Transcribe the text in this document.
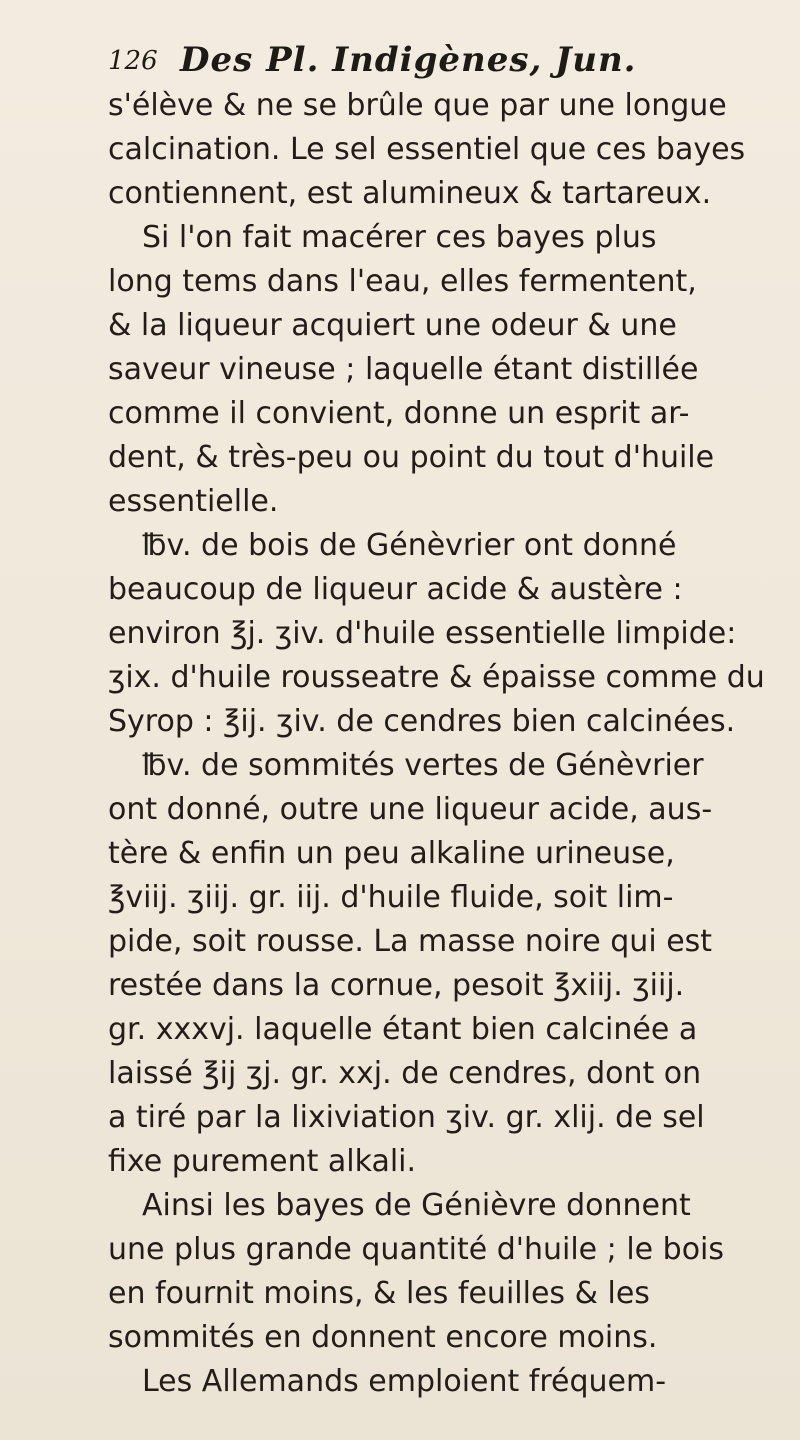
126 Des Pl. Indigènes, Jun.
s'élève & ne se brûle que par une longue
calcination. Le sel essentiel que ces bayes
contiennent, est alumineux & tartareux.
Si l'on fait macérer ces bayes plus
long tems dans l'eau, elles fermentent,
& la liqueur acquiert une odeur & une
saveur vineuse ; laquelle étant distillée
comme il convient, donne un esprit ar-
dent, & très-peu ou point du tout d'huile
essentielle.
℔v. de bois de Génèvrier ont donné
beaucoup de liqueur acide & austère :
environ ℥j. ʒiv. d'huile essentielle limpide:
ʒix. d'huile rousseatre & épaisse comme du
Syrop : ℥ij. ʒiv. de cendres bien calcinées.
℔v. de sommités vertes de Génèvrier
ont donné, outre une liqueur acide, aus-
tère & enfin un peu alkaline urineuse,
℥viij. ʒiij. gr. iij. d'huile fluide, soit lim-
pide, soit rousse. La masse noire qui est
restée dans la cornue, pesoit ℥xiij. ʒiij.
gr. xxxvj. laquelle étant bien calcinée a
laissé ℥ij ʒj. gr. xxj. de cendres, dont on
a tiré par la lixiviation ʒiv. gr. xlij. de sel
fixe purement alkali.
Ainsi les bayes de Génièvre donnent
une plus grande quantité d'huile ; le bois
en fournit moins, & les feuilles & les
sommités en donnent encore moins.
Les Allemands emploient fréquem-
